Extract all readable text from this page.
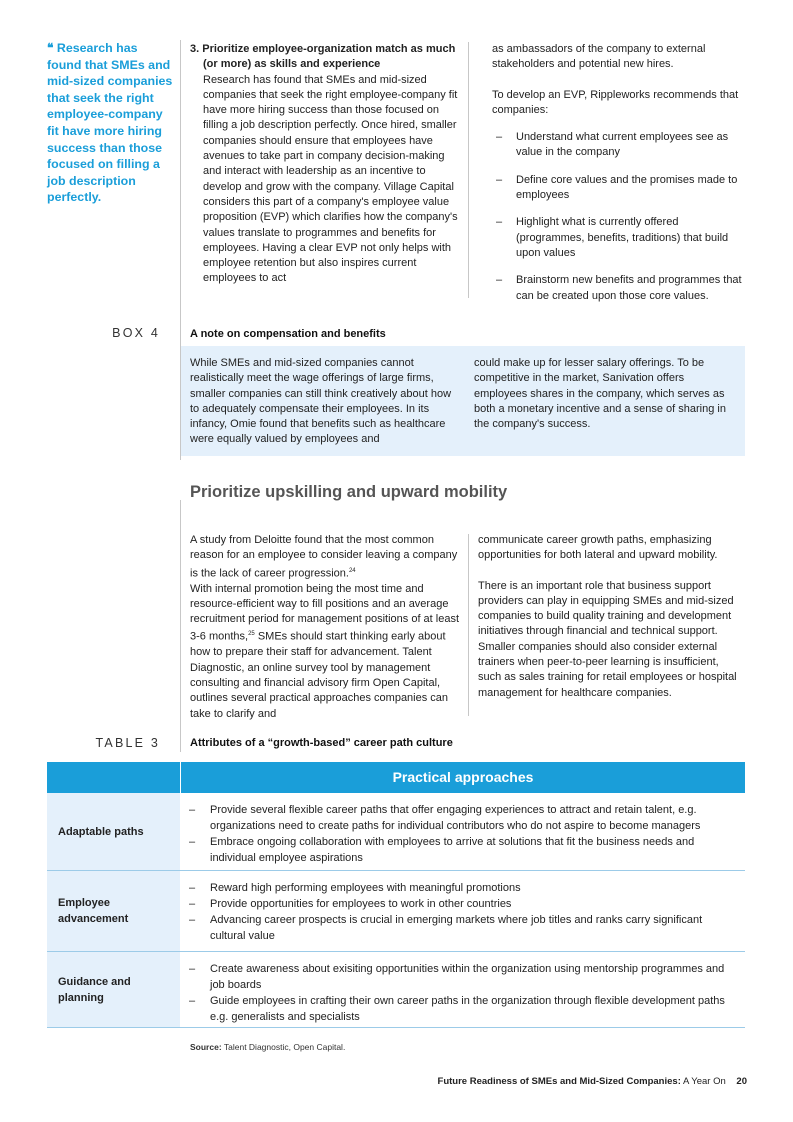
❝ Research has found that SMEs and mid-sized companies that seek the right employee-company fit have more hiring success than those focused on filling a job description perfectly.

3. Prioritize employee-organization match as much (or more) as skills and experience

Research has found that SMEs and mid-sized companies that seek the right employee-company fit have more hiring success than those focused on filling a job description perfectly. Once hired, smaller companies should ensure that employees have avenues to take part in company decision-making and interact with leadership as an incentive to develop and grow with the company. Village Capital considers this part of a company's employee value proposition (EVP) which clarifies how the company's values translate to programmes and benefits for employees. Having a clear EVP not only helps with employee retention but also inspires current employees to act

as ambassadors of the company to external stakeholders and potential new hires.

To develop an EVP, Rippleworks recommends that companies:

– Understand what current employees see as value in the company
– Define core values and the promises made to employees
– Highlight what is currently offered (programmes, benefits, traditions) that build upon values
– Brainstorm new benefits and programmes that can be created upon those core values.
BOX 4	A note on compensation and benefits
While SMEs and mid-sized companies cannot realistically meet the wage offerings of large firms, smaller companies can still think creatively about how to adequately compensate their employees. In its infancy, Omie found that benefits such as healthcare were equally valued by employees and
could make up for lesser salary offerings. To be competitive in the market, Sanivation offers employees shares in the company, which serves as both a monetary incentive and a sense of sharing in the company's success.
Prioritize upskilling and upward mobility

A study from Deloitte found that the most common reason for an employee to consider leaving a company is the lack of career progression.$^{24}$

With internal promotion being the most time and resource-efficient way to fill positions and an average recruitment period for management positions of at least 3-6 months,$^{25}$ SMEs should start thinking early about how to prepare their staff for advancement. Talent Diagnostic, an online survey tool by management consulting and financial advisory firm Open Capital, outlines several practical approaches companies can take to clarify and

communicate career growth paths, emphasizing opportunities for both lateral and upward mobility.

There is an important role that business support providers can play in equipping SMEs and mid-sized companies to build quality training and development initiatives through financial and technical support. Smaller companies should also consider external trainers when peer-to-peer learning is insufficient, such as sales training for retail employees or hospital management for healthcare companies.

TABLE 3	Attributes of a “growth-based” career path culture
Practical approaches
Adaptable paths
– Provide several flexible career paths that offer engaging experiences to attract and retain talent, e.g. organizations need to create paths for individual contributors who do not aspire to become managers
– Embrace ongoing collaboration with employees to arrive at solutions that fit the business needs and individual employee aspirations
Employee advancement
– Reward high performing employees with meaningful promotions
– Provide opportunities for employees to work in other countries
– Advancing career prospects is crucial in emerging markets where job titles and ranks carry significant cultural value
Guidance and planning
– Create awareness about exisiting opportunities within the organization using mentorship programmes and job boards
– Guide employees in crafting their own career paths in the organization through flexible development paths e.g. generalists and specialists
Source: Talent Diagnostic, Open Capital.
Future Readiness of SMEs and Mid-Sized Companies: A Year On 20
